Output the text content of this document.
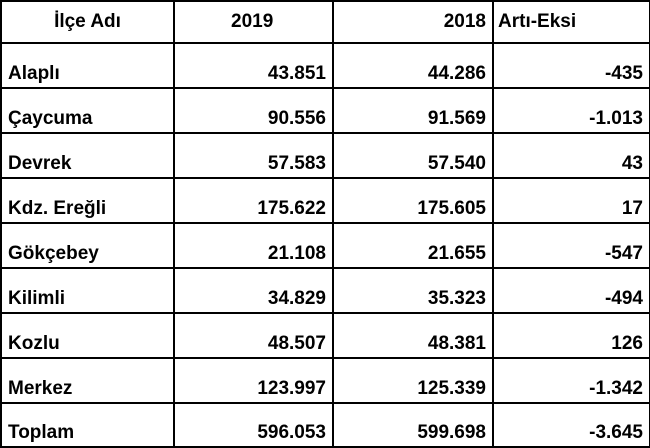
İlçe Adı	2019	2018	Artı-Eksi
Alaplı	43.851	44.286	-435
Çaycuma	90.556	91.569	-1.013
Devrek	57.583	57.540	43
Kdz. Ereğli	175.622	175.605	17
Gökçebey	21.108	21.655	-547
Kilimli	34.829	35.323	-494
Kozlu	48.507	48.381	126
Merkez	123.997	125.339	-1.342
Toplam	596.053	599.698	-3.645
